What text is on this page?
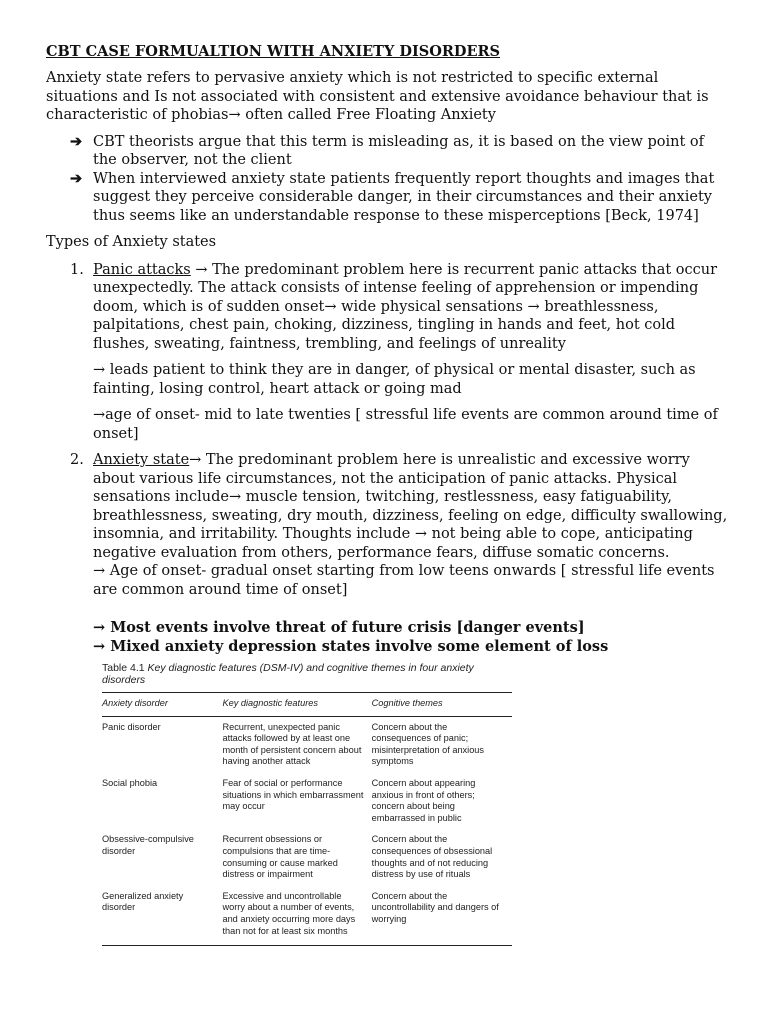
CBT CASE FORMUALTION WITH ANXIETY DISORDERS

Anxiety state refers to pervasive anxiety which is not restricted to specific external situations and Is not associated with consistent and extensive avoidance behaviour that is characteristic of phobias→ often called Free Floating Anxiety

➔ CBT theorists argue that this term is misleading as, it is based on the view point of the observer, not the client
➔ When interviewed anxiety state patients frequently report thoughts and images that suggest they perceive considerable danger, in their circumstances and their anxiety thus seems like an understandable response to these misperceptions [Beck, 1974]
Types of Anxiety states
1. Panic attacks → The predominant problem here is recurrent panic attacks that occur unexpectedly. The attack consists of intense feeling of apprehension or impending doom, which is of sudden onset→ wide physical sensations → breathlessness, palpitations, chest pain, choking, dizziness, tingling in hands and feet, hot cold flushes, sweating, faintness, trembling, and feelings of unreality

→ leads patient to think they are in danger, of physical or mental disaster, such as fainting, losing control, heart attack or going mad

→age of onset- mid to late twenties [ stressful life events are common around time of onset]

2. Anxiety state→ The predominant problem here is unrealistic and excessive worry about various life circumstances, not the anticipation of panic attacks. Physical sensations include→ muscle tension, twitching, restlessness, easy fatiguability, breathlessness, sweating, dry mouth, dizziness, feeling on edge, difficulty swallowing, insomnia, and irritability. Thoughts include → not being able to cope, anticipating negative evaluation from others, performance fears, diffuse somatic concerns.
→ Age of onset- gradual onset starting from low teens onwards [ stressful life events are common around time of onset]
→ Most events involve threat of future crisis [danger events]
→ Mixed anxiety depression states involve some element of loss
Table 4.1 Key diagnostic features (DSM-IV) and cognitive themes in four anxiety disorders
Anxiety disorder	Key diagnostic features	Cognitive themes
Panic disorder	Recurrent, unexpected panic attacks followed by at least one month of persistent concern about having another attack	Concern about the consequences of panic; misinterpretation of anxious symptoms
Social phobia	Fear of social or performance situations in which embarrassment may occur	Concern about appearing anxious in front of others; concern about being embarrassed in public
Obsessive-compulsive disorder	Recurrent obsessions or compulsions that are time-consuming or cause marked distress or impairment	Concern about the consequences of obsessional thoughts and of not reducing distress by use of rituals
Generalized anxiety disorder	Excessive and uncontrollable worry about a number of events, and anxiety occurring more days than not for at least six months	Concern about the uncontrollability and dangers of worrying
